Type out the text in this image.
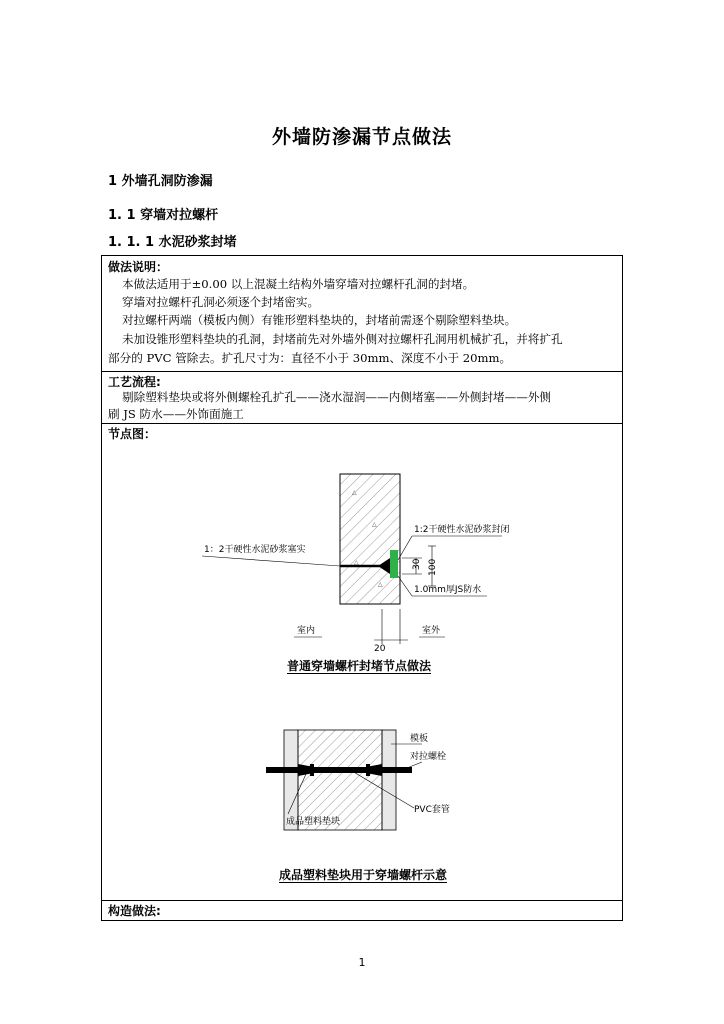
外墙防渗漏节点做法
1 外墙孔洞防渗漏
1. 1 穿墙对拉螺杆
1. 1. 1 水泥砂浆封堵
做法说明：
本做法适用于±0.00 以上混凝土结构外墙穿墙对拉螺杆孔洞的封堵。
穿墙对拉螺杆孔洞必须逐个封堵密实。
对拉螺杆两端（模板内侧）有锥形塑料垫块的，封堵前需逐个剔除塑料垫块。
未加设锥形塑料垫块的孔洞，封堵前先对外墙外侧对拉螺杆孔洞用机械扩孔，并将扩孔
部分的 PVC 管除去。扩孔尺寸为：直径不小于 30mm、深度不小于 20mm。
工艺流程:
剔除塑料垫块或将外侧螺栓孔扩孔——浇水湿润——内侧堵塞——外侧封堵——外侧
刷 JS 防水——外饰面施工
节点图：
△
△
△
△
30 100
1：2干硬性水泥砂浆塞实
1:2干硬性水泥砂浆封闭
1.0mm厚JS防水
室内	室外
20
普通穿墙螺杆封堵节点做法
模板
对拉螺栓
PVC套管
成品塑料垫块
成品塑料垫块用于穿墙螺杆示意
构造做法:
1
